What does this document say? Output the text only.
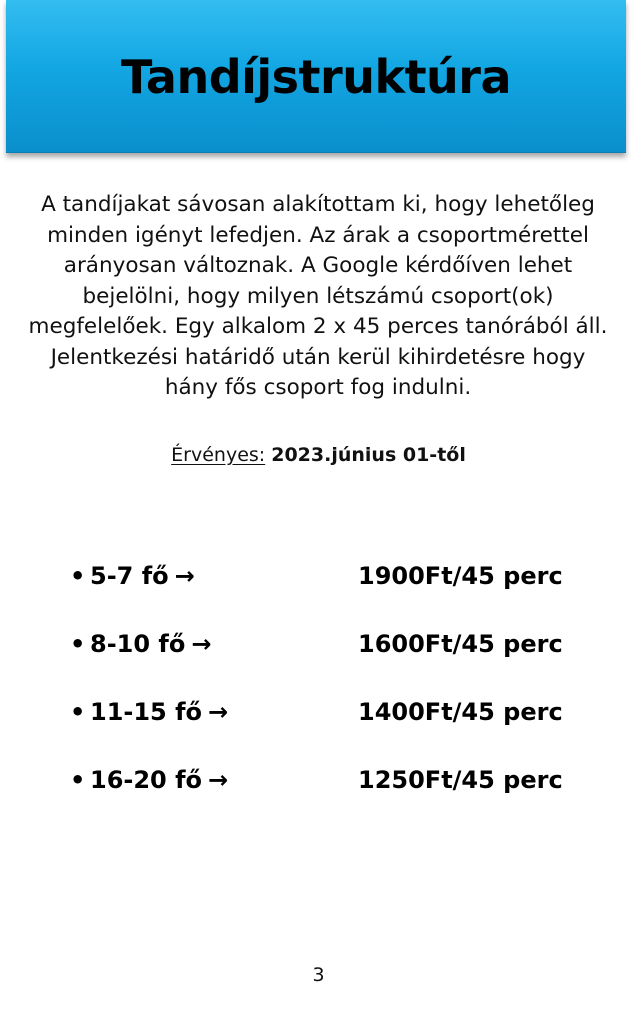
Tandíjstruktúra
A tandíjakat sávosan alakítottam ki, hogy lehetőleg
minden igényt lefedjen. Az árak a csoportmérettel
arányosan változnak. A Google kérdőíven lehet
bejelölni, hogy milyen létszámú csoport(ok)
megfelelőek. Egy alkalom 2 x 45 perces tanórából áll.
Jelentkezési határidő után kerül kihirdetésre hogy
hány fős csoport fog indulni.
Érvényes: 2023.június 01-től
• 5-7 fő →	1900Ft/45 perc
• 8-10 fő →	1600Ft/45 perc
• 11-15 fő →	1400Ft/45 perc
• 16-20 fő →	1250Ft/45 perc
3
